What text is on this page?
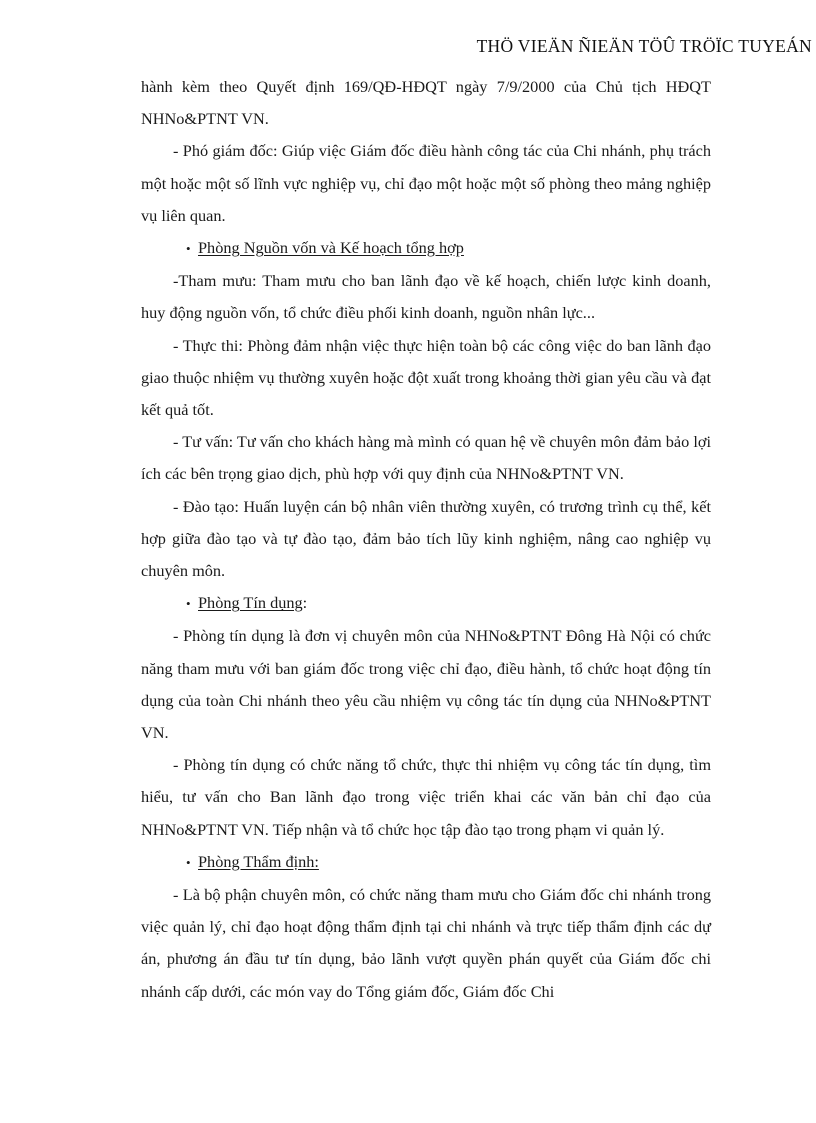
THÖ VIEÄN ÑIEÄN TÖÛ TRÖÏC TUYEÁN

hành kèm theo Quyết định 169/QĐ-HĐQT ngày 7/9/2000 của Chủ tịch HĐQT NHNo&PTNT VN.

- Phó giám đốc: Giúp việc Giám đốc điều hành công tác của Chi nhánh, phụ trách một hoặc một số lĩnh vực nghiệp vụ, chỉ đạo một hoặc một số phòng theo mảng nghiệp vụ liên quan.

• Phòng Nguồn vốn và Kế hoạch tổng hợp

-Tham mưu: Tham mưu cho ban lãnh đạo về kế hoạch, chiến lược kinh doanh, huy động nguồn vốn, tổ chức điều phối kinh doanh, nguồn nhân lực...

- Thực thi: Phòng đảm nhận việc thực hiện toàn bộ các công việc do ban lãnh đạo giao thuộc nhiệm vụ thường xuyên hoặc đột xuất trong khoảng thời gian yêu cầu và đạt kết quả tốt.

- Tư vấn: Tư vấn cho khách hàng mà mình có quan hệ về chuyên môn đảm bảo lợi ích các bên trọng giao dịch, phù hợp với quy định của NHNo&PTNT VN.

- Đào tạo: Huấn luyện cán bộ nhân viên thường xuyên, có trương trình cụ thể, kết hợp giữa đào tạo và tự đào tạo, đảm bảo tích lũy kinh nghiệm, nâng cao nghiệp vụ chuyên môn.

• Phòng Tín dụng:

- Phòng tín dụng là đơn vị chuyên môn của NHNo&PTNT Đông Hà Nội có chức năng tham mưu với ban giám đốc trong việc chỉ đạo, điều hành, tổ chức hoạt động tín dụng của toàn Chi nhánh theo yêu cầu nhiệm vụ công tác tín dụng của NHNo&PTNT VN.

- Phòng tín dụng có chức năng tổ chức, thực thi nhiệm vụ công tác tín dụng, tìm hiểu, tư vấn cho Ban lãnh đạo trong việc triển khai các văn bản chỉ đạo của NHNo&PTNT VN. Tiếp nhận và tổ chức học tập đào tạo trong phạm vi quản lý.

• Phòng Thẩm định:

- Là bộ phận chuyên môn, có chức năng tham mưu cho Giám đốc chi nhánh trong việc quản lý, chỉ đạo hoạt động thẩm định tại chi nhánh và trực tiếp thẩm định các dự án, phương án đầu tư tín dụng, bảo lãnh vượt quyền phán quyết của Giám đốc chi nhánh cấp dưới, các món vay do Tổng giám đốc, Giám đốc Chi
